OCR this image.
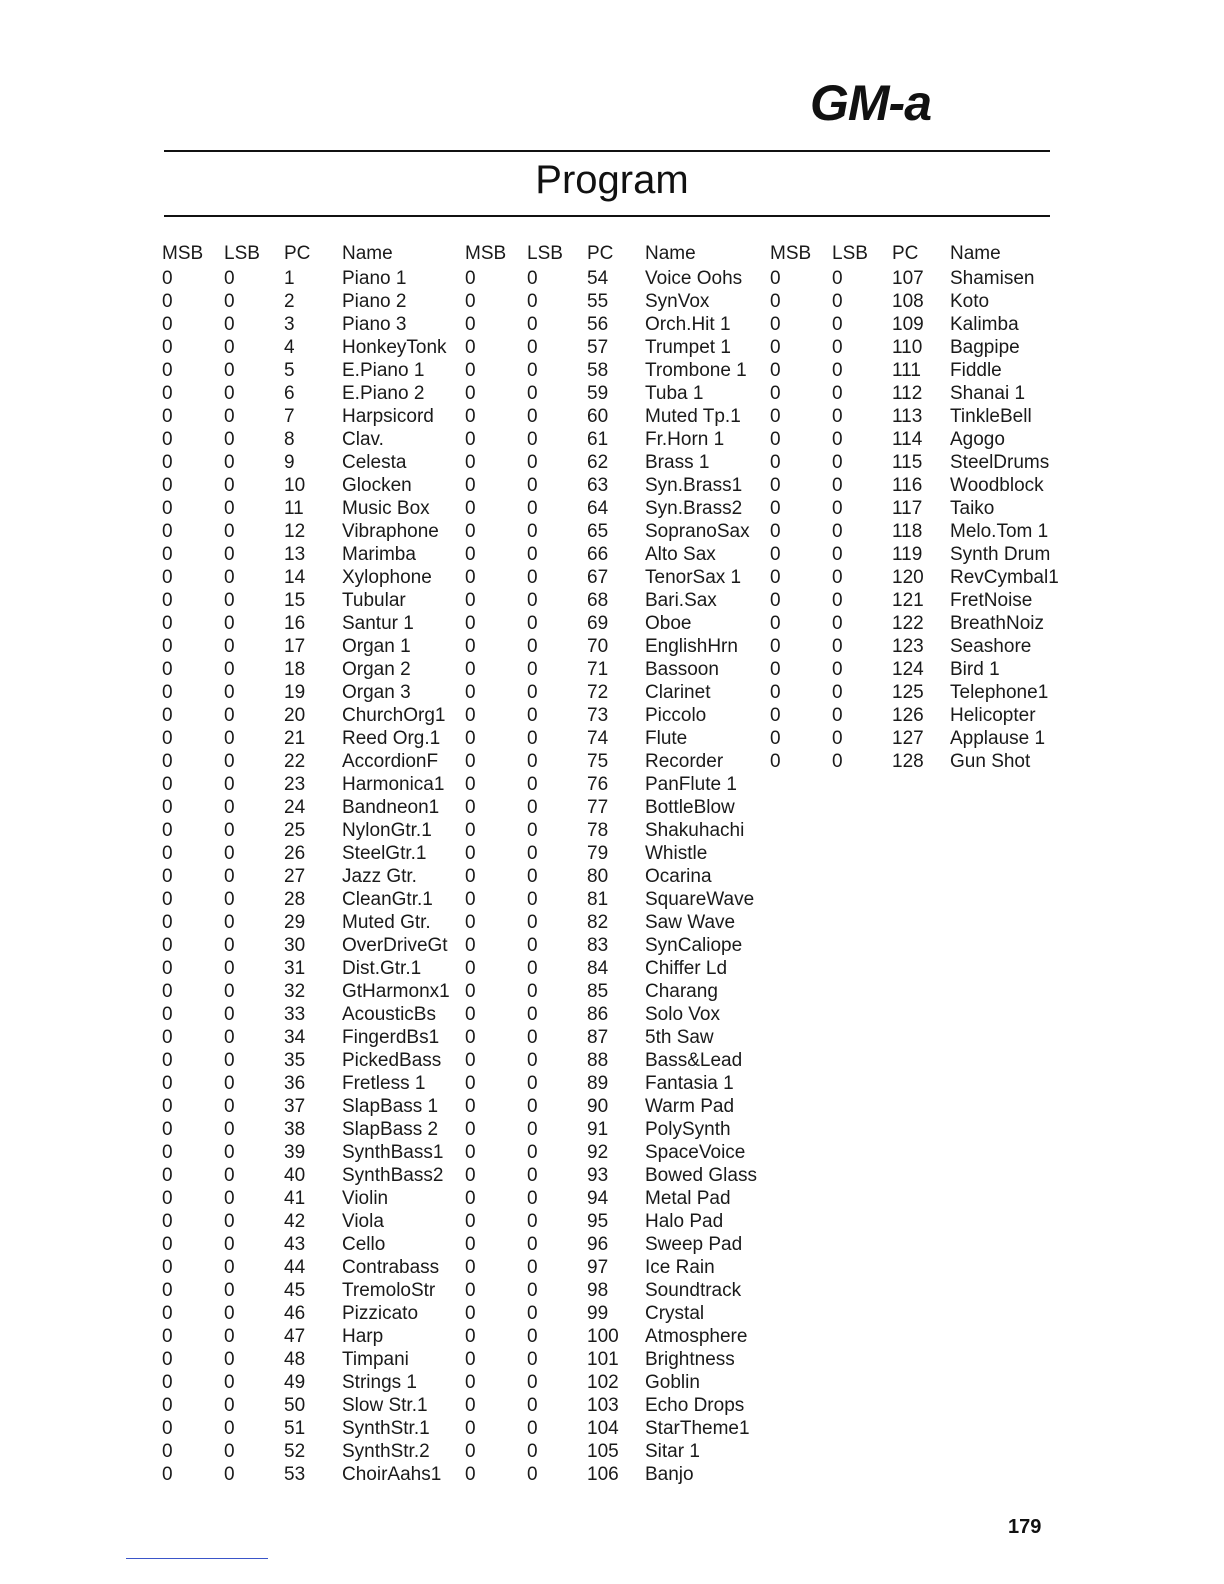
GM-a
Program
MSB	LSB	PC	Name
0	0	1	Piano 1
0	0	2	Piano 2
0	0	3	Piano 3
0	0	4	HonkeyTonk
0	0	5	E.Piano 1
0	0	6	E.Piano 2
0	0	7	Harpsicord
0	0	8	Clav.
0	0	9	Celesta
0	0	10	Glocken
0	0	11	Music Box
0	0	12	Vibraphone
0	0	13	Marimba
0	0	14	Xylophone
0	0	15	Tubular
0	0	16	Santur 1
0	0	17	Organ 1
0	0	18	Organ 2
0	0	19	Organ 3
0	0	20	ChurchOrg1
0	0	21	Reed Org.1
0	0	22	AccordionF
0	0	23	Harmonica1
0	0	24	Bandneon1
0	0	25	NylonGtr.1
0	0	26	SteelGtr.1
0	0	27	Jazz Gtr.
0	0	28	CleanGtr.1
0	0	29	Muted Gtr.
0	0	30	OverDriveGt
0	0	31	Dist.Gtr.1
0	0	32	GtHarmonx1
0	0	33	AcousticBs
0	0	34	FingerdBs1
0	0	35	PickedBass
0	0	36	Fretless 1
0	0	37	SlapBass 1
0	0	38	SlapBass 2
0	0	39	SynthBass1
0	0	40	SynthBass2
0	0	41	Violin
0	0	42	Viola
0	0	43	Cello
0	0	44	Contrabass
0	0	45	TremoloStr
0	0	46	Pizzicato
0	0	47	Harp
0	0	48	Timpani
0	0	49	Strings 1
0	0	50	Slow Str.1
0	0	51	SynthStr.1
0	0	52	SynthStr.2
0	0	53	ChoirAahs1
MSB	LSB	PC	Name
0	0	54	Voice Oohs
0	0	55	SynVox
0	0	56	Orch.Hit 1
0	0	57	Trumpet 1
0	0	58	Trombone 1
0	0	59	Tuba 1
0	0	60	Muted Tp.1
0	0	61	Fr.Horn 1
0	0	62	Brass 1
0	0	63	Syn.Brass1
0	0	64	Syn.Brass2
0	0	65	SopranoSax
0	0	66	Alto Sax
0	0	67	TenorSax 1
0	0	68	Bari.Sax
0	0	69	Oboe
0	0	70	EnglishHrn
0	0	71	Bassoon
0	0	72	Clarinet
0	0	73	Piccolo
0	0	74	Flute
0	0	75	Recorder
0	0	76	PanFlute 1
0	0	77	BottleBlow
0	0	78	Shakuhachi
0	0	79	Whistle
0	0	80	Ocarina
0	0	81	SquareWave
0	0	82	Saw Wave
0	0	83	SynCaliope
0	0	84	Chiffer Ld
0	0	85	Charang
0	0	86	Solo Vox
0	0	87	5th Saw
0	0	88	Bass&Lead
0	0	89	Fantasia 1
0	0	90	Warm Pad
0	0	91	PolySynth
0	0	92	SpaceVoice
0	0	93	Bowed Glass
0	0	94	Metal Pad
0	0	95	Halo Pad
0	0	96	Sweep Pad
0	0	97	Ice Rain
0	0	98	Soundtrack
0	0	99	Crystal
0	0	100	Atmosphere
0	0	101	Brightness
0	0	102	Goblin
0	0	103	Echo Drops
0	0	104	StarTheme1
0	0	105	Sitar 1
0	0	106	Banjo
MSB	LSB	PC	Name
0	0	107	Shamisen
0	0	108	Koto
0	0	109	Kalimba
0	0	110	Bagpipe
0	0	111	Fiddle
0	0	112	Shanai 1
0	0	113	TinkleBell
0	0	114	Agogo
0	0	115	SteelDrums
0	0	116	Woodblock
0	0	117	Taiko
0	0	118	Melo.Tom 1
0	0	119	Synth Drum
0	0	120	RevCymbal1
0	0	121	FretNoise
0	0	122	BreathNoiz
0	0	123	Seashore
0	0	124	Bird 1
0	0	125	Telephone1
0	0	126	Helicopter
0	0	127	Applause 1
0	0	128	Gun Shot
179
